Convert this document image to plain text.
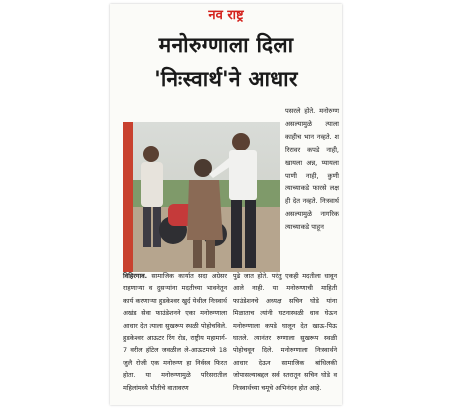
नव राष्ट्र
मनोरुग्णाला दिला
'निःस्वार्थ'ने आधार

पसरले होते. मनोरुग्ण असल्यामुळे त्याला काहीच भान नव्हते. शरिरावर कपडे नाही, खायला अन्न, प्यायला पाणी नाही, कुणी त्याच्याकडे फारसे लक्षही देत नव्हते. निःस्वार्थ असल्यामुळे नागरिक त्याच्याकडे पाहून

विहिरगाव. सामाजिक कार्यात सदा अग्रेसर राहणाऱ्या व दुसऱ्यांना मदतीच्या भावनेतून कार्य करणाऱ्या हुडकेश्वर खुर्द येथील निःस्वार्थ अखंड सेवा फाउंडेशनने एका मनोरुग्णाला आधार देत त्याला सुखरूप स्थळी पोहोचविले. हुडकेश्वर आऊटर रिंग रोड, राष्ट्रीय महामार्ग- 7 वरील हॉटेल जवळील ले-आऊटमध्ये 18 जुलै रोजी एक मनोरुग्ण हा निर्वस्त्र फिरत होता. या मनोरुग्णामुळे परिसरातील महिलांमध्ये भीतीचे वातावरण

पुढे जात होते. परंतु एकही मदतीला धावून आले नाही. या मनोरुग्णाची माहिती फाउंडेशनचे अध्यक्ष सचिन घोडे यांना मिळाताच त्यांनी घटनास्थळी धाव घेऊन मनोरुग्णाला कपडे घालून देत खाऊ-पिऊ घातले. त्यानंतर रुग्णाला सुखरूप स्थळी पोहोचवून दिले. मनोरुग्णाला निःस्वार्थने आधार देऊन सामाजिक बांधिलकी जोपासल्याबद्दल सर्व स्तरातून सचिन घोडे व निःस्वार्थच्या चमूचे अभिनंदन होत आहे.
